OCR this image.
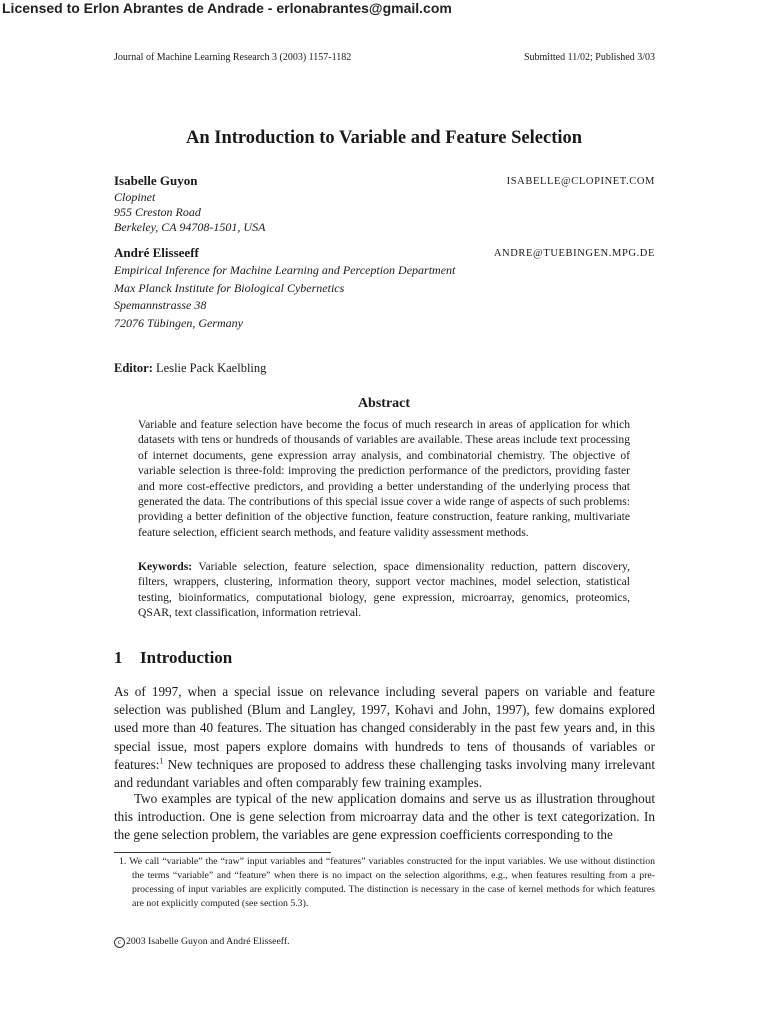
Licensed to Erlon Abrantes de Andrade - erlonabrantes@gmail.com
Journal of Machine Learning Research 3 (2003) 1157-1182	Submitted 11/02; Published 3/03
An Introduction to Variable and Feature Selection
Isabelle Guyon	ISABELLE@CLOPINET.COM
Clopinet
955 Creston Road
Berkeley, CA 94708-1501, USA
André Elisseeff	ANDRE@TUEBINGEN.MPG.DE
Empirical Inference for Machine Learning and Perception Department
Max Planck Institute for Biological Cybernetics
Spemannstrasse 38
72076 Tübingen, Germany
Editor: Leslie Pack Kaelbling
Abstract
Variable and feature selection have become the focus of much research in areas of application for which datasets with tens or hundreds of thousands of variables are available. These areas include text processing of internet documents, gene expression array analysis, and combinatorial chemistry. The objective of variable selection is three-fold: improving the prediction performance of the predictors, providing faster and more cost-effective predictors, and providing a better understanding of the underlying process that generated the data. The contributions of this special issue cover a wide range of aspects of such problems: providing a better definition of the objective function, feature construction, feature ranking, multivariate feature selection, efficient search methods, and feature validity assessment methods.
Keywords: Variable selection, feature selection, space dimensionality reduction, pattern discovery, filters, wrappers, clustering, information theory, support vector machines, model selection, statistical testing, bioinformatics, computational biology, gene expression, microarray, genomics, proteomics, QSAR, text classification, information retrieval.
1 Introduction
As of 1997, when a special issue on relevance including several papers on variable and feature selection was published (Blum and Langley, 1997, Kohavi and John, 1997), few domains explored used more than 40 features. The situation has changed considerably in the past few years and, in this special issue, most papers explore domains with hundreds to tens of thousands of variables or features:$^1$ New techniques are proposed to address these challenging tasks involving many irrelevant and redundant variables and often comparably few training examples.
Two examples are typical of the new application domains and serve us as illustration throughout this introduction. One is gene selection from microarray data and the other is text categorization. In the gene selection problem, the variables are gene expression coefficients corresponding to the
1. We call “variable” the “raw” input variables and “features” variables constructed for the input variables. We use without distinction the terms “variable” and “feature” when there is no impact on the selection algorithms, e.g., when features resulting from a pre-processing of input variables are explicitly computed. The distinction is necessary in the case of kernel methods for which features are not explicitly computed (see section 5.3).
c 2003 Isabelle Guyon and André Elisseeff.
